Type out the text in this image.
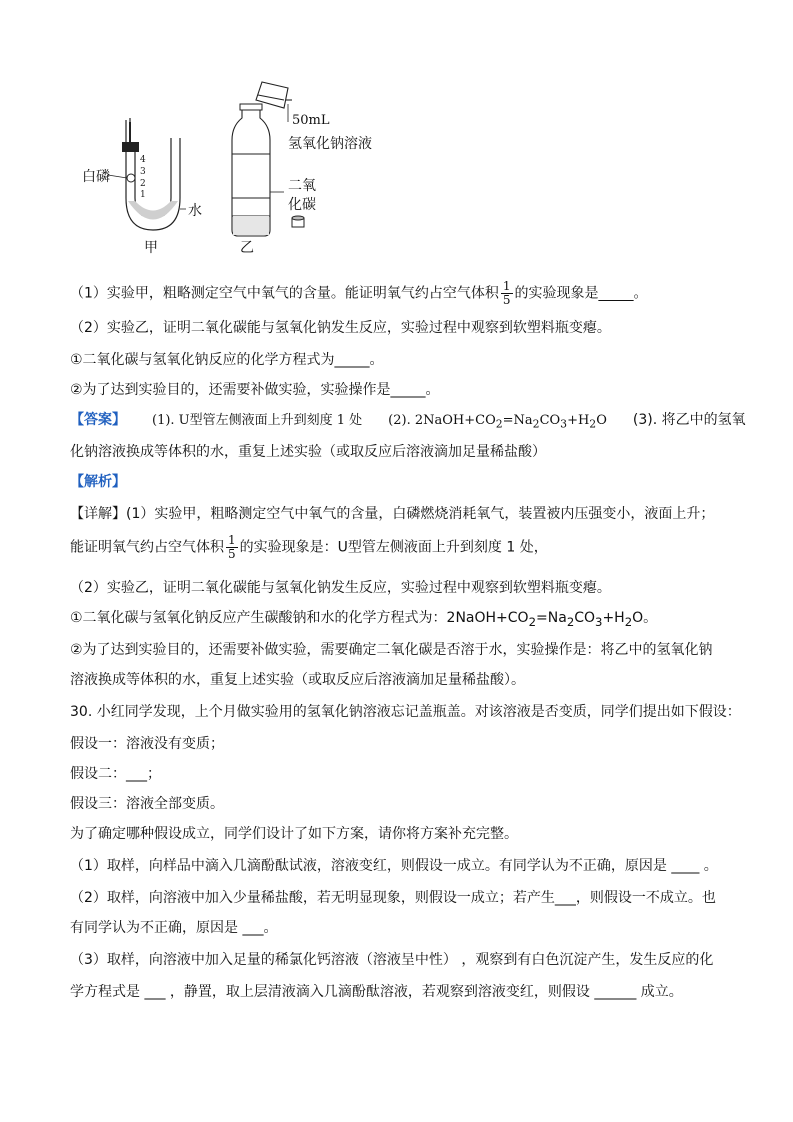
4
3
2
1
白磷
水
甲
50mL
氢氧化钠溶液
二氧
化碳
乙
（1）实验甲，粗略测定空气中氧气的含量。能证明氧气约占空气体积 $\frac{1}{5}$ 的实验现象是_____。
（2）实验乙，证明二氧化碳能与氢氧化钠发生反应，实验过程中观察到软塑料瓶变瘪。
①二氧化碳与氢氧化钠反应的化学方程式为_____。
②为了达到实验目的，还需要补做实验，实验操作是_____。
【答案】 (1). U型管左侧液面上升到刻度 1 处 (2). $2NaOH+CO_2=Na_2CO_3+H_2O$ (3). 将乙中的氢氧
化钠溶液换成等体积的水，重复上述实验（或取反应后溶液滴加足量稀盐酸）
【解析】
【详解】(1）实验甲，粗略测定空气中氧气的含量，白磷燃烧消耗氧气，装置被内压强变小，液面上升；
能证明氧气约占空气体积 $\frac{1}{5}$ 的实验现象是：U型管左侧液面上升到刻度 1 处，
（2）实验乙，证明二氧化碳能与氢氧化钠发生反应，实验过程中观察到软塑料瓶变瘪。
①二氧化碳与氢氧化钠反应产生碳酸钠和水的化学方程式为：$2NaOH+CO_2=Na_2CO_3+H_2O$。
②为了达到实验目的，还需要补做实验，需要确定二氧化碳是否溶于水，实验操作是：将乙中的氢氧化钠
溶液换成等体积的水，重复上述实验（或取反应后溶液滴加足量稀盐酸）。
30. 小红同学发现，上个月做实验用的氢氧化钠溶液忘记盖瓶盖。对该溶液是否变质，同学们提出如下假设：
假设一：溶液没有变质；
假设二：___；
假设三：溶液全部变质。
为了确定哪种假设成立，同学们设计了如下方案，请你将方案补充完整。
（1）取样，向样品中滴入几滴酚酞试液，溶液变红，则假设一成立。有同学认为不正确，原因是 ____ 。
（2）取样，向溶液中加入少量稀盐酸，若无明显现象，则假设一成立；若产生___，则假设一不成立。也
有同学认为不正确，原因是 ___。
（3）取样，向溶液中加入足量的稀氯化钙溶液（溶液呈中性） ，观察到有白色沉淀产生，发生反应的化
学方程式是 ___ ，静置，取上层清液滴入几滴酚酞溶液，若观察到溶液变红，则假设 ______ 成立。
